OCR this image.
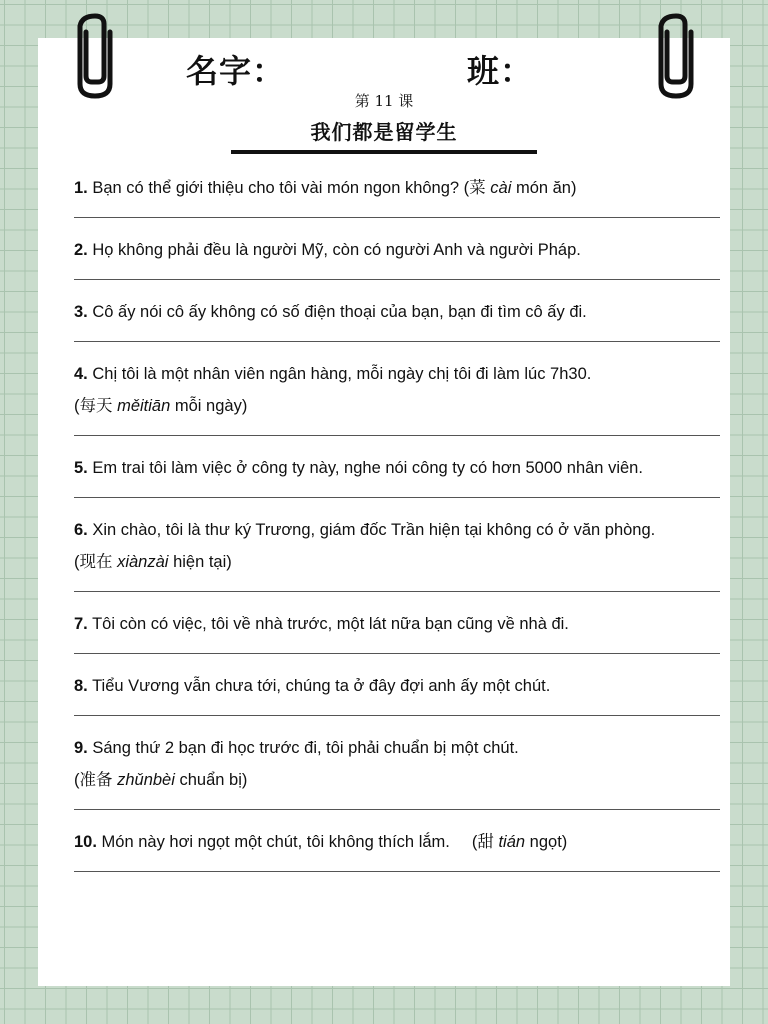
名字：	班：
第 11 课
我们都是留学生

1. Bạn có thể giới thiệu cho tôi vài món ngon không? (菜 cài món ăn)

2. Họ không phải đều là người Mỹ, còn có người Anh và người Pháp.

3. Cô ấy nói cô ấy không có số điện thoại của bạn, bạn đi tìm cô ấy đi.

4. Chị tôi là một nhân viên ngân hàng, mỗi ngày chị tôi đi làm lúc 7h30.

(每天 měitiān mỗi ngày)

5. Em trai tôi làm việc ở công ty này, nghe nói công ty có hơn 5000 nhân viên.

6. Xin chào, tôi là thư ký Trương, giám đốc Trần hiện tại không có ở văn phòng.

(现在 xiànzài hiện tại)

7. Tôi còn có việc, tôi về nhà trước, một lát nữa bạn cũng về nhà đi.

8. Tiểu Vương vẫn chưa tới, chúng ta ở đây đợi anh ấy một chút.

9. Sáng thứ 2 bạn đi học trước đi, tôi phải chuẩn bị một chút.

(准备 zhǔnbèi chuẩn bị)

10. Món này hơi ngọt một chút, tôi không thích lắm. (甜 tián ngọt)
